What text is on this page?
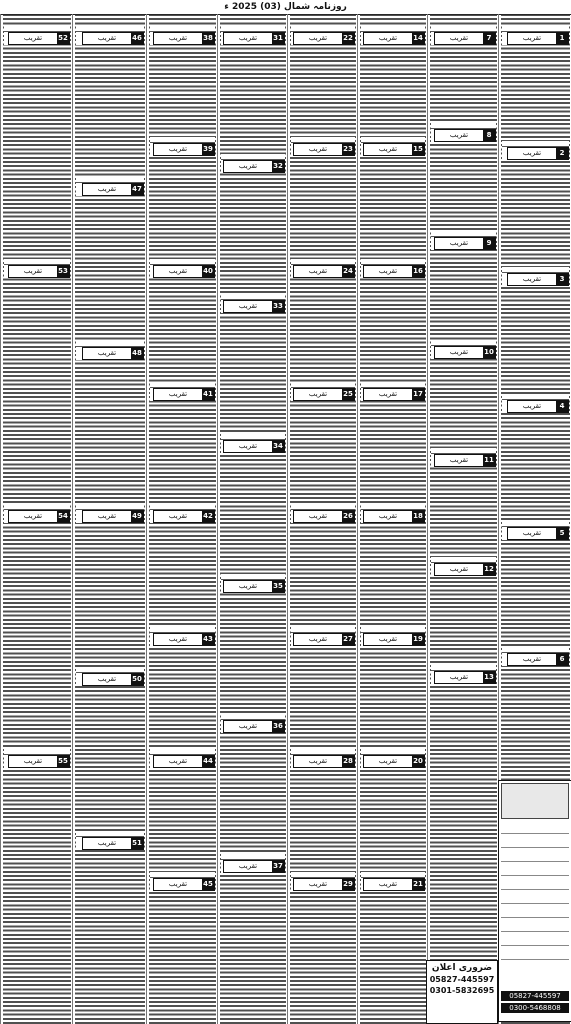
روزنامہ شمال (03) 2025 ء
52
تقریب
53
تقریب
54
تقریب
55
تقریب
46
تقریب
47
تقریب
48
تقریب
49
تقریب
50
تقریب
51
تقریب
38
تقریب
39
تقریب
40
تقریب
41
تقریب
42
تقریب
43
تقریب
44
تقریب
45
تقریب
31
تقریب
32
تقریب
33
تقریب
34
تقریب
35
تقریب
36
تقریب
37
تقریب
22
تقریب
23
تقریب
24
تقریب
25
تقریب
26
تقریب
27
تقریب
28
تقریب
29
تقریب
14
تقریب
15
تقریب
16
تقریب
17
تقریب
18
تقریب
19
تقریب
20
تقریب
21
تقریب
7
تقریب
8
تقریب
9
تقریب
10
تقریب
11
تقریب
12
تقریب
13
تقریب
1
تقریب
2
تقریب
3
تقریب
4
تقریب
5
تقریب
6
تقریب
ضروری اعلان
05827-445597
0301-5832695
05827-445597
0300-5468808
